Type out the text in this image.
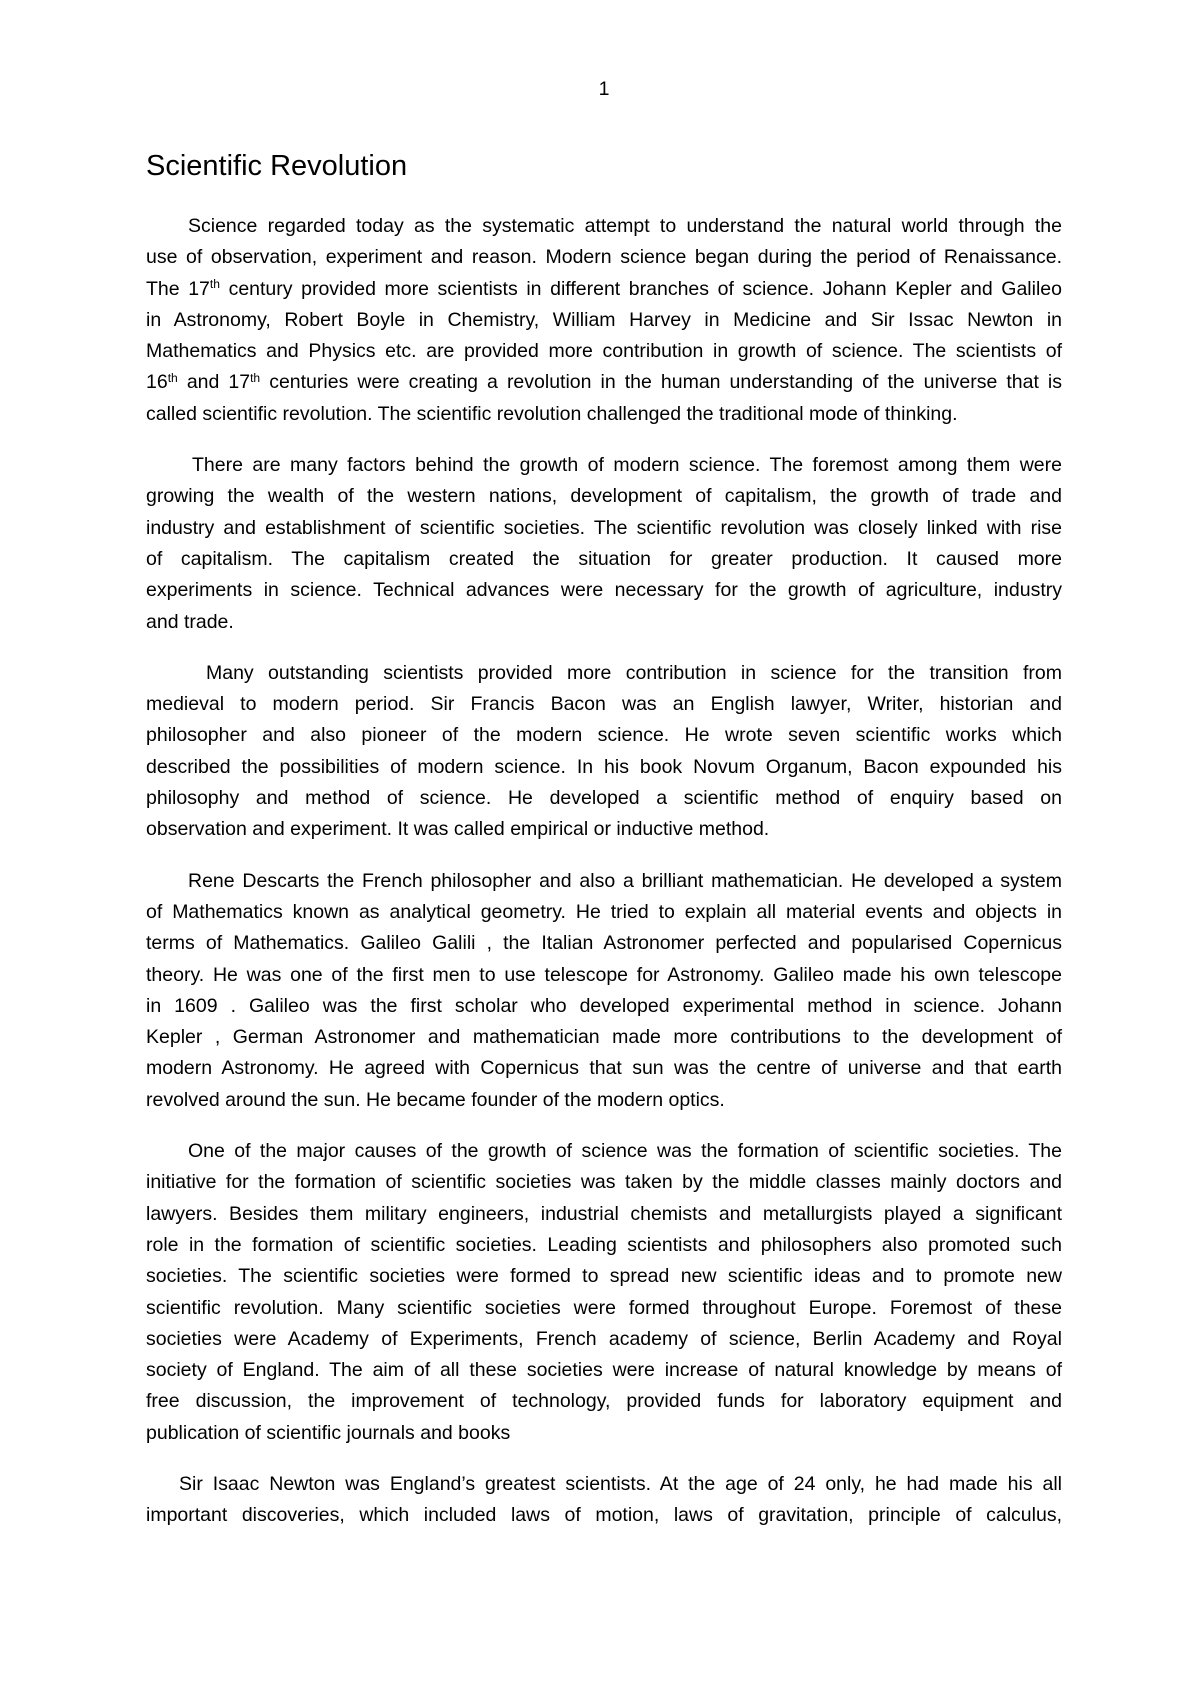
1
Scientific Revolution
Science regarded today as the systematic attempt to understand the natural world through the
use of observation, experiment and reason. Modern science began during the period of Renaissance.
The 17th century provided more scientists in different branches of science. Johann Kepler and Galileo
in Astronomy, Robert Boyle in Chemistry, William Harvey in Medicine and Sir Issac Newton in
Mathematics and Physics etc. are provided more contribution in growth of science. The scientists of
16th and 17th centuries were creating a revolution in the human understanding of the universe that is
called scientific revolution. The scientific revolution challenged the traditional mode of thinking.
There are many factors behind the growth of modern science. The foremost among them were
growing the wealth of the western nations, development of capitalism, the growth of trade and
industry and establishment of scientific societies. The scientific revolution was closely linked with rise
of capitalism. The capitalism created the situation for greater production. It caused more
experiments in science. Technical advances were necessary for the growth of agriculture, industry
and trade.
Many outstanding scientists provided more contribution in science for the transition from
medieval to modern period. Sir Francis Bacon was an English lawyer, Writer, historian and
philosopher and also pioneer of the modern science. He wrote seven scientific works which
described the possibilities of modern science. In his book Novum Organum, Bacon expounded his
philosophy and method of science. He developed a scientific method of enquiry based on
observation and experiment. It was called empirical or inductive method.
Rene Descarts the French philosopher and also a brilliant mathematician. He developed a system
of Mathematics known as analytical geometry. He tried to explain all material events and objects in
terms of Mathematics. Galileo Galili , the Italian Astronomer perfected and popularised Copernicus
theory. He was one of the first men to use telescope for Astronomy. Galileo made his own telescope
in 1609 . Galileo was the first scholar who developed experimental method in science. Johann
Kepler , German Astronomer and mathematician made more contributions to the development of
modern Astronomy. He agreed with Copernicus that sun was the centre of universe and that earth
revolved around the sun. He became founder of the modern optics.
One of the major causes of the growth of science was the formation of scientific societies. The
initiative for the formation of scientific societies was taken by the middle classes mainly doctors and
lawyers. Besides them military engineers, industrial chemists and metallurgists played a significant
role in the formation of scientific societies. Leading scientists and philosophers also promoted such
societies. The scientific societies were formed to spread new scientific ideas and to promote new
scientific revolution. Many scientific societies were formed throughout Europe. Foremost of these
societies were Academy of Experiments, French academy of science, Berlin Academy and Royal
society of England. The aim of all these societies were increase of natural knowledge by means of
free discussion, the improvement of technology, provided funds for laboratory equipment and
publication of scientific journals and books
Sir Isaac Newton was England’s greatest scientists. At the age of 24 only, he had made his all
important discoveries, which included laws of motion, laws of gravitation, principle of calculus,
